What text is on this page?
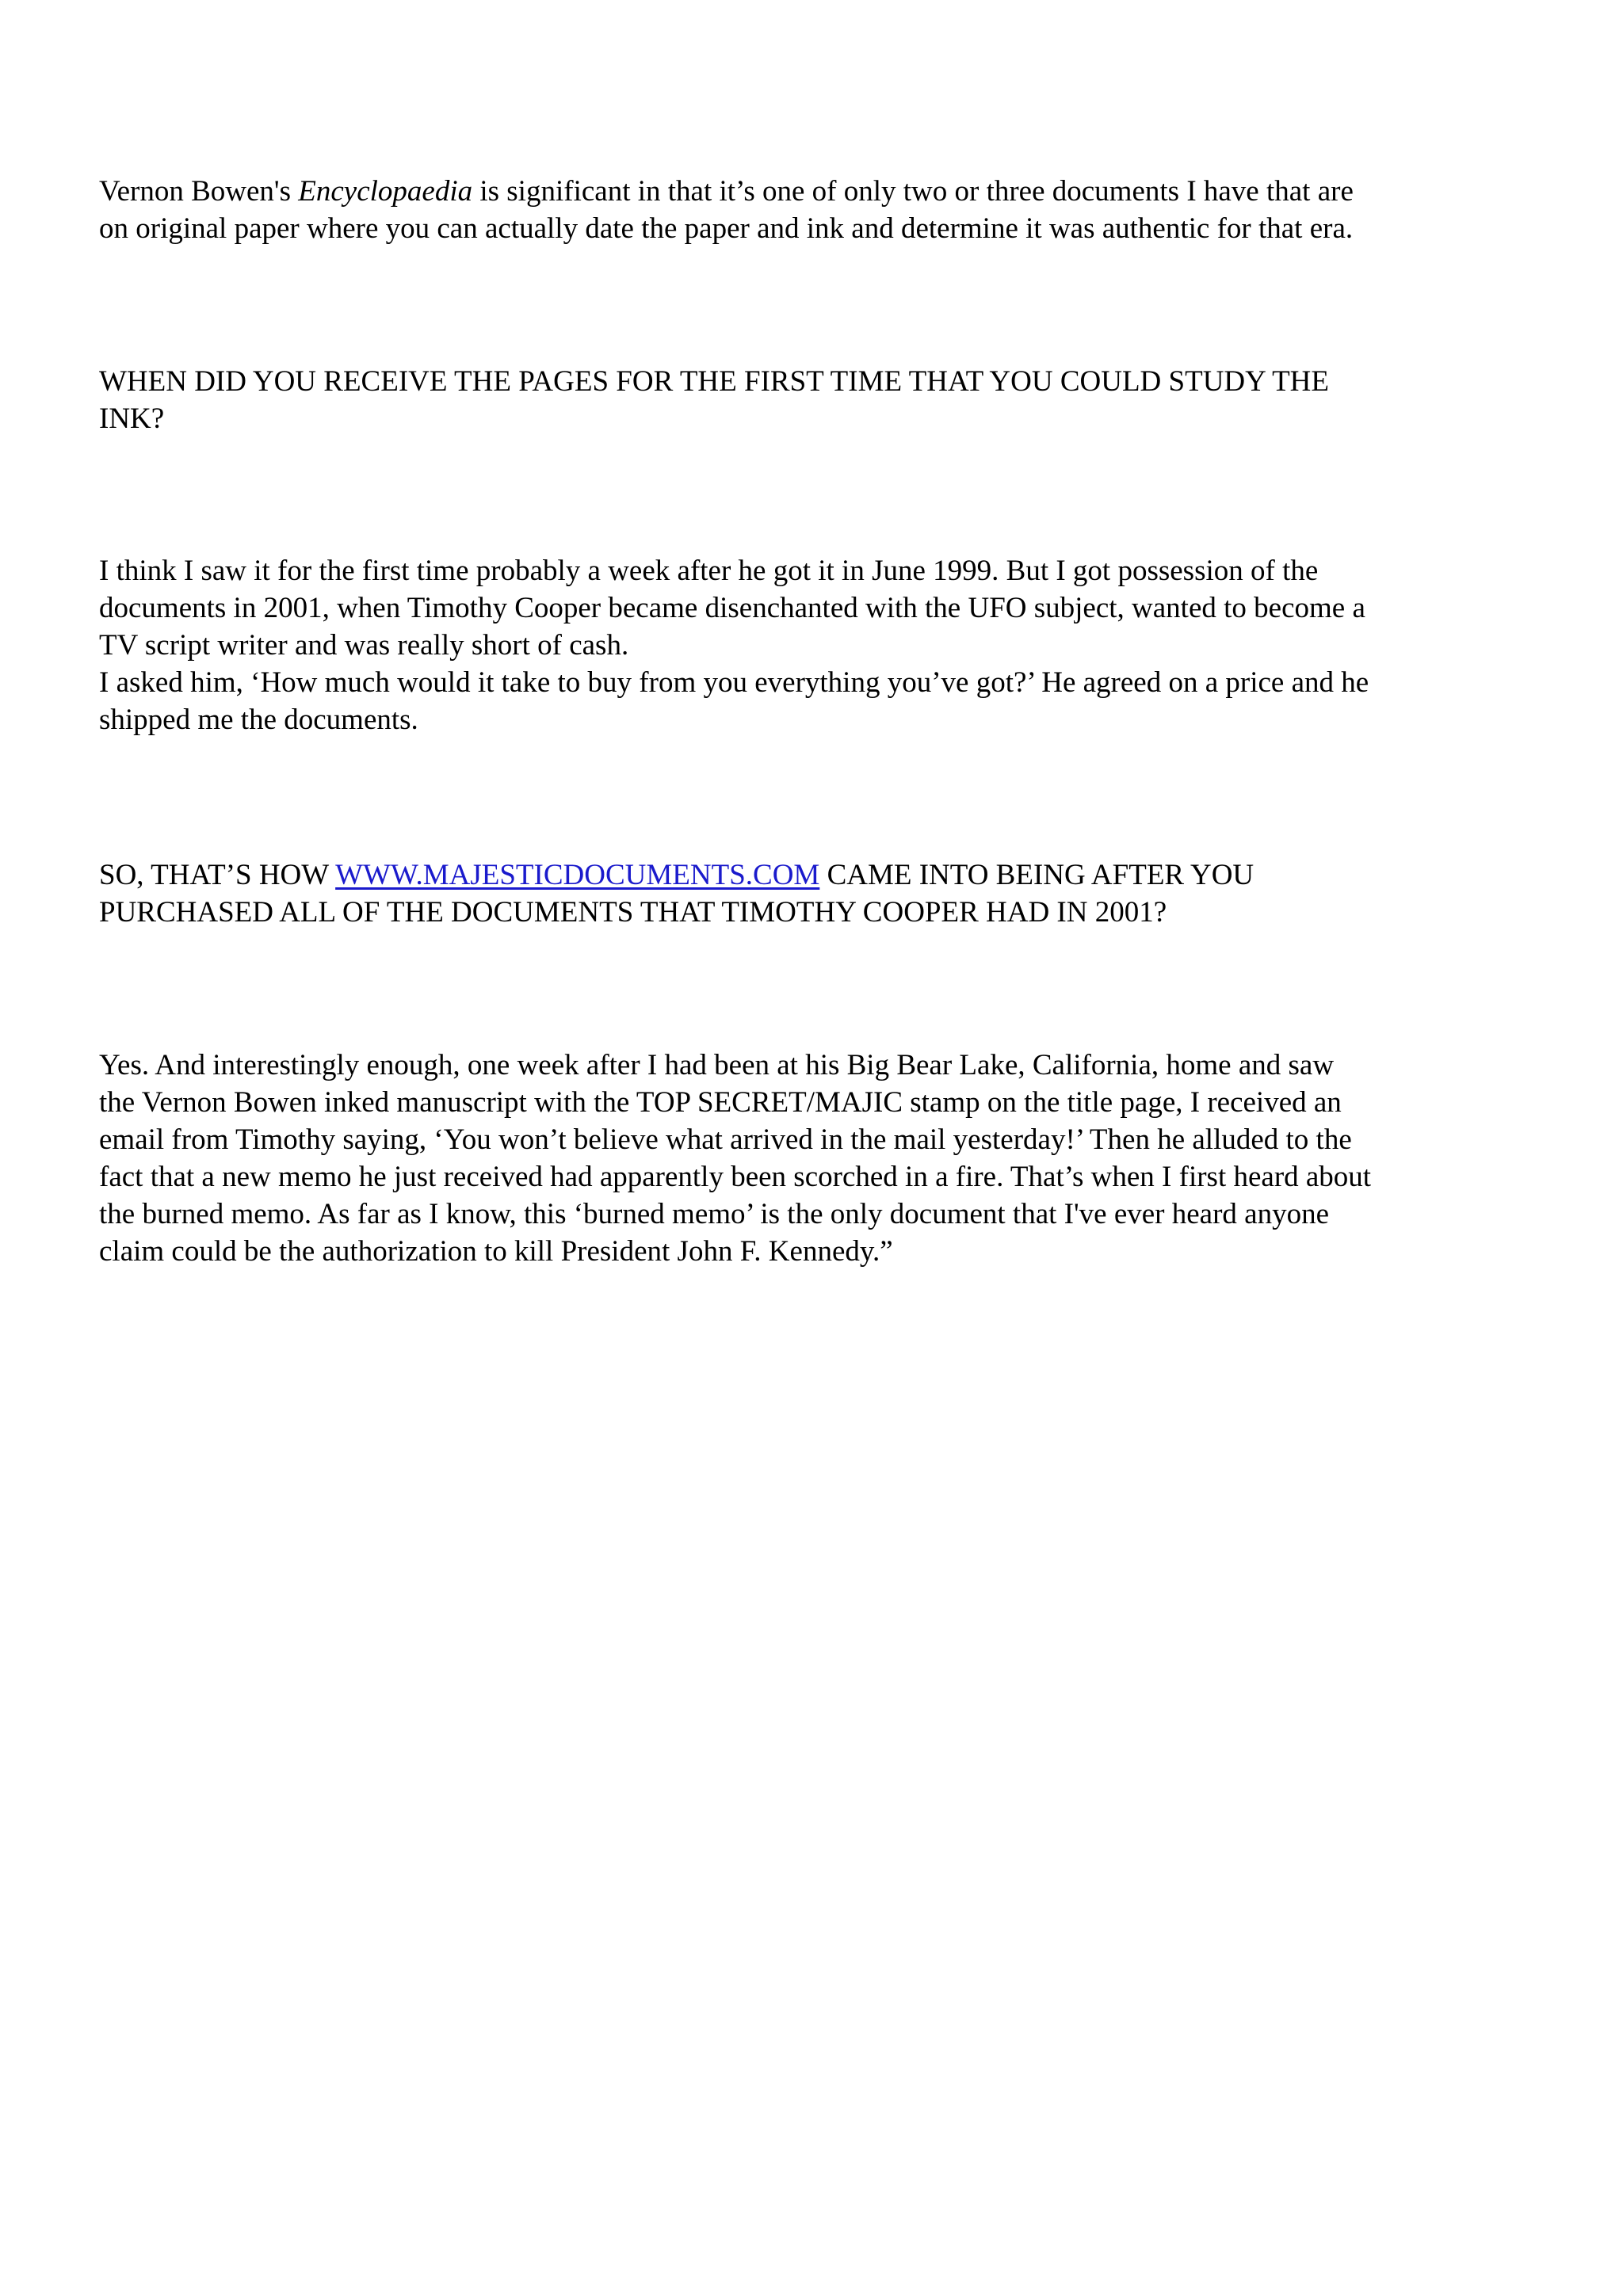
Vernon Bowen's Encyclopaedia is significant in that it’s one of only two or three documents I have that are
on original paper where you can actually date the paper and ink and determine it was authentic for that era.

WHEN DID YOU RECEIVE THE PAGES FOR THE FIRST TIME THAT YOU COULD STUDY THE
INK?

I think I saw it for the first time probably a week after he got it in June 1999. But I got possession of the
documents in 2001, when Timothy Cooper became disenchanted with the UFO subject, wanted to become a
TV script writer and was really short of cash.
I asked him, ‘How much would it take to buy from you everything you’ve got?’ He agreed on a price and he
shipped me the documents.

SO, THAT’S HOW WWW.MAJESTICDOCUMENTS.COM CAME INTO BEING AFTER YOU
PURCHASED ALL OF THE DOCUMENTS THAT TIMOTHY COOPER HAD IN 2001?

Yes. And interestingly enough, one week after I had been at his Big Bear Lake, California, home and saw
the Vernon Bowen inked manuscript with the TOP SECRET/MAJIC stamp on the title page, I received an
email from Timothy saying, ‘You won’t believe what arrived in the mail yesterday!’ Then he alluded to the
fact that a new memo he just received had apparently been scorched in a fire. That’s when I first heard about
the burned memo. As far as I know, this ‘burned memo’ is the only document that I've ever heard anyone
claim could be the authorization to kill President John F. Kennedy.”
